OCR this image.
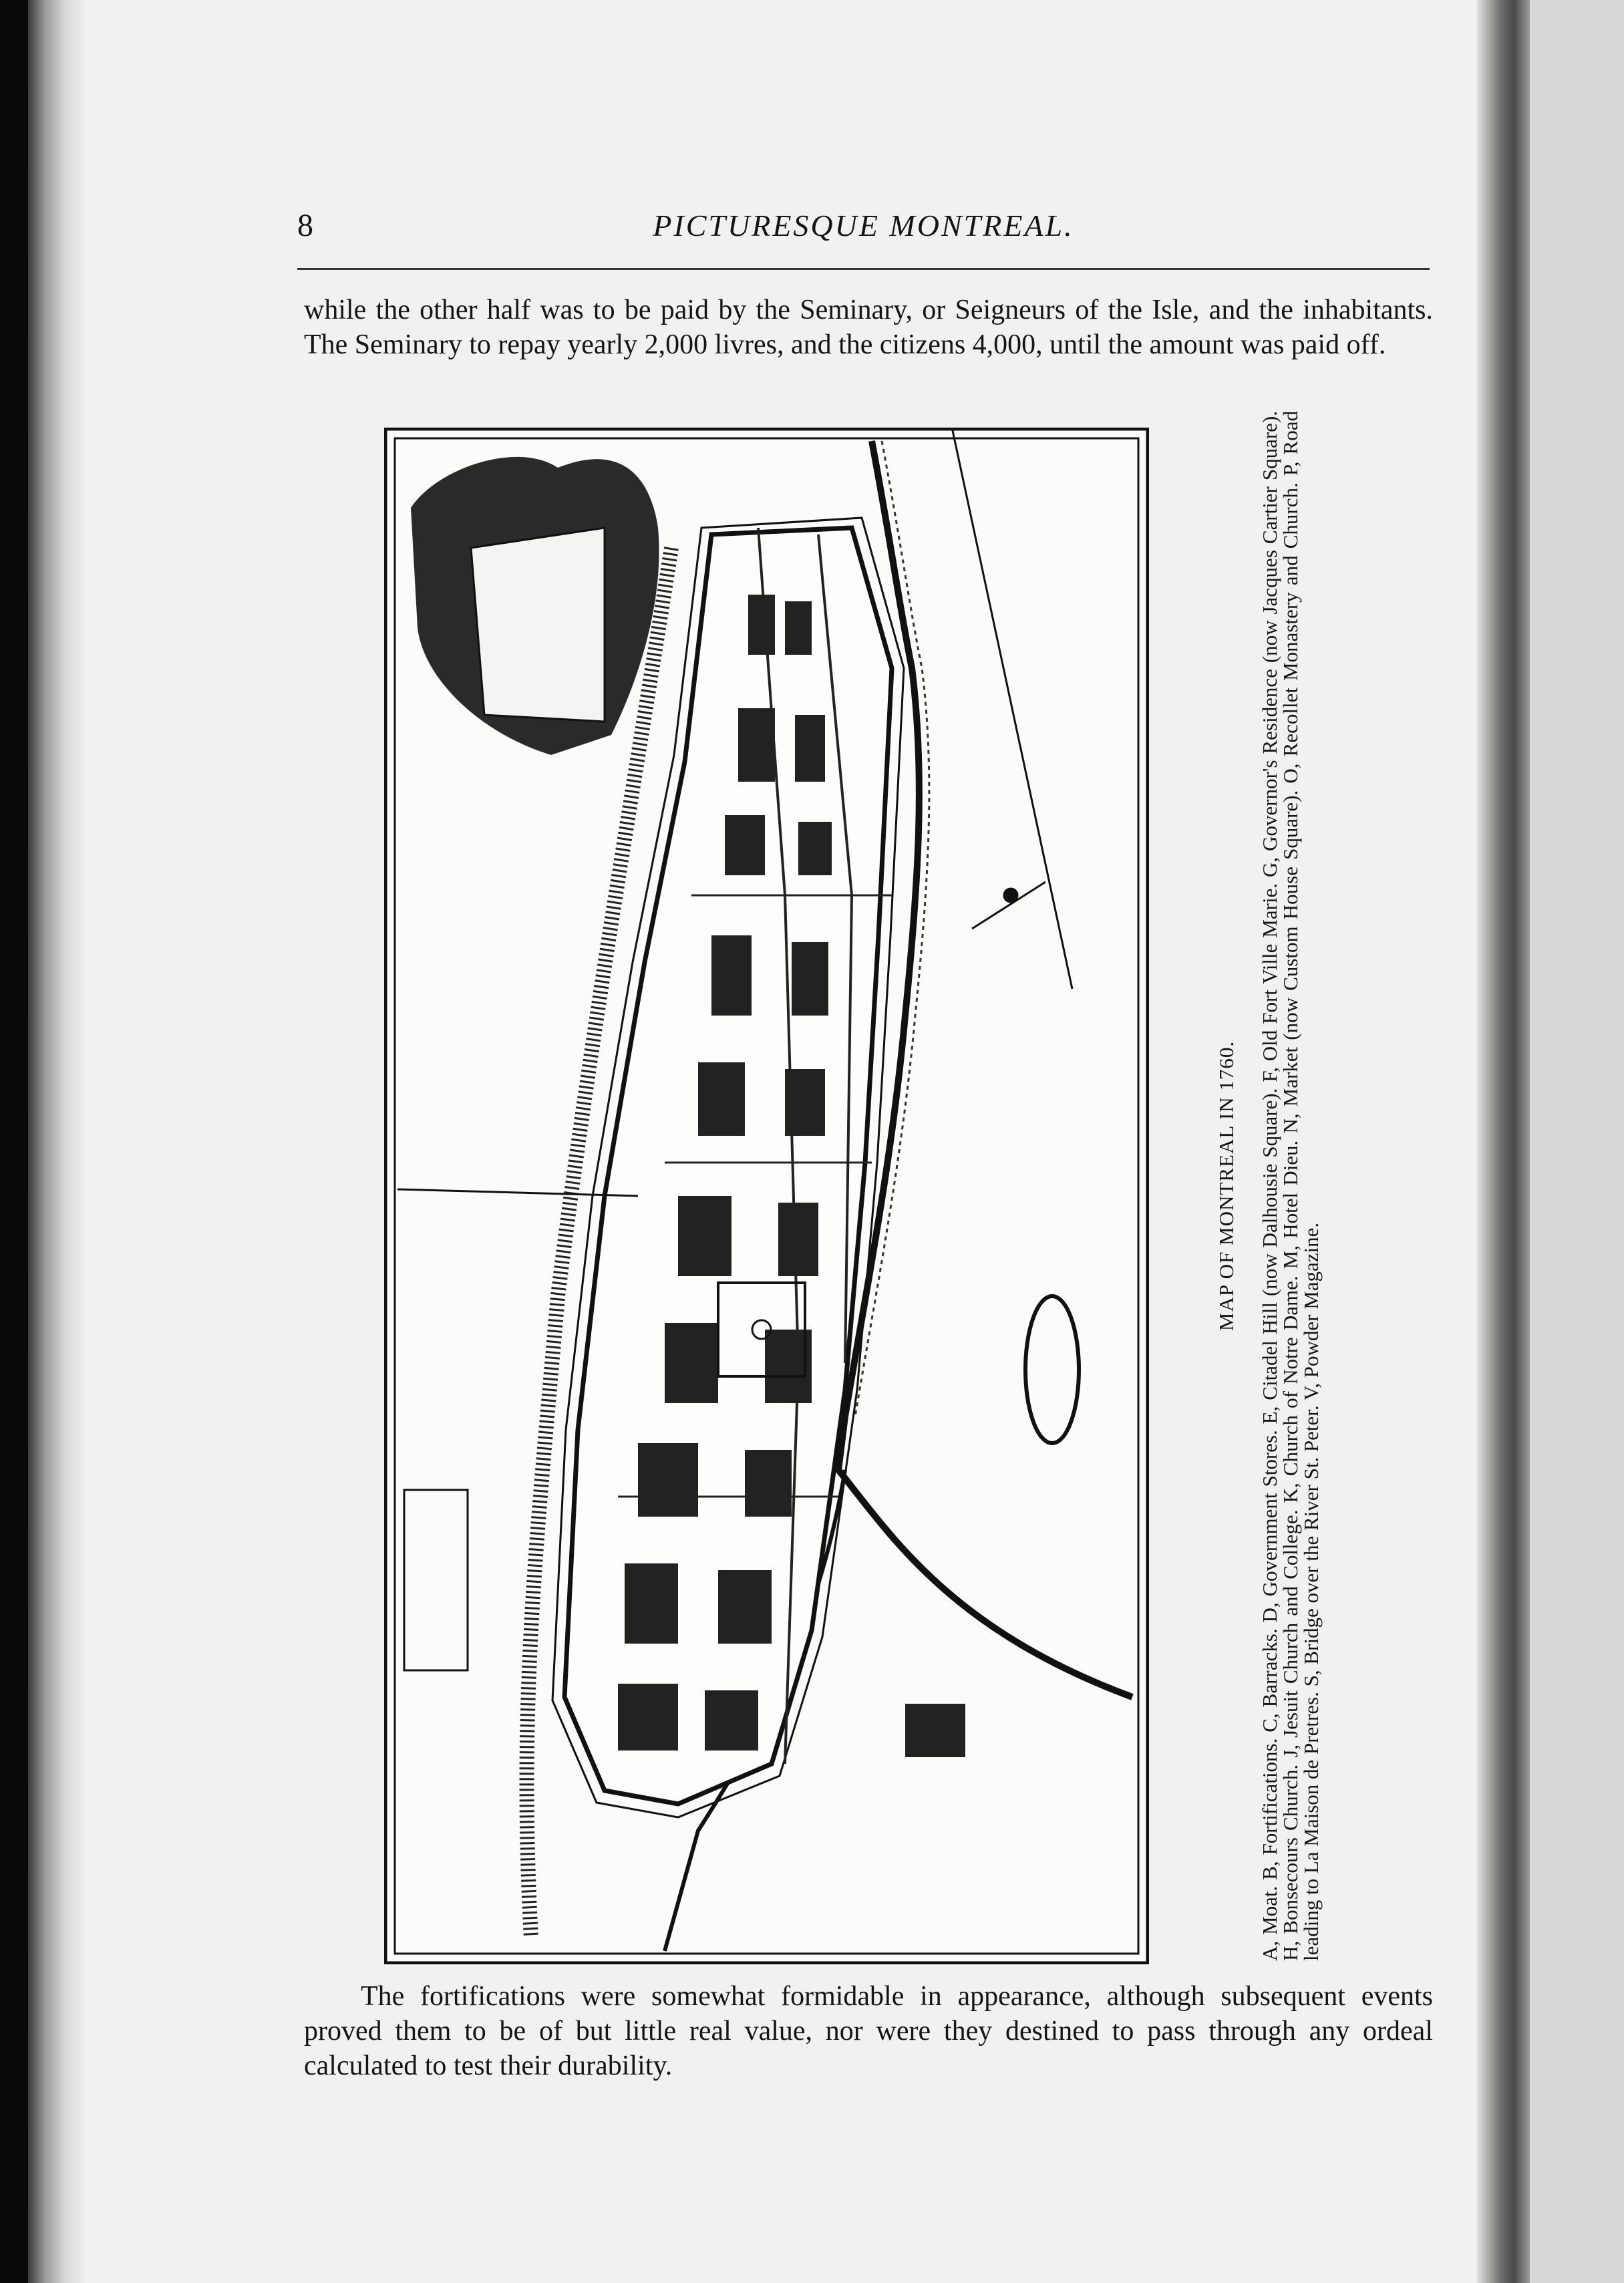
8	PICTURESQUE MONTREAL.

while the other half was to be paid by the Seminary, or Seigneurs of the Isle, and the inhabitants. The Seminary to repay yearly 2,000 livres, and the citizens 4,000, until the amount was paid off.

MAP OF MONTREAL IN 1760. A, Moat. B, Fortifications. C, Barracks. D, Government Stores. E, Citadel Hill (now Dalhousie Square). F, Old Fort Ville Marie. G, Governor's Residence (now Jacques Cartier Square). H, Bonsecours Church. J, Jesuit Church and College. K, Church of Notre Dame. M, Hotel Dieu. N, Market (now Custom House Square). O, Recollet Monastery and Church. P, Road leading to La Maison de Pretres. S, Bridge over the River St. Peter. V, Powder Magazine.

The fortifications were somewhat formidable in appearance, although subsequent events proved them to be of but little real value, nor were they destined to pass through any ordeal calculated to test their durability.
